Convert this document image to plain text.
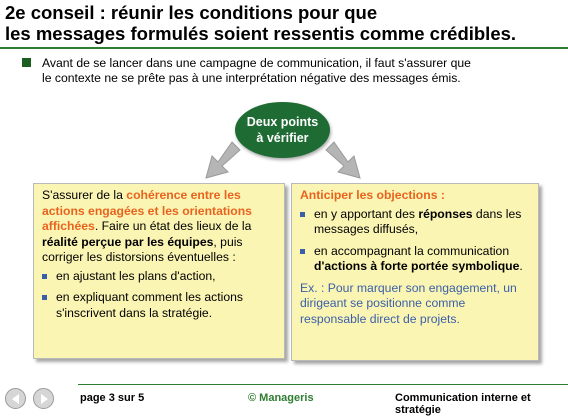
2e conseil : réunir les conditions pour que
les messages formulés soient ressentis comme crédibles.
Avant de se lancer dans une campagne de communication, il faut s'assurer que
le contexte ne se prête pas à une interprétation négative des messages émis.
Deux points
à vérifier
S'assurer de la cohérence entre les actions engagées et les orientations affichées. Faire un état des lieux de la réalité perçue par les équipes, puis corriger les distorsions éventuelles :
en ajustant les plans d'action,
en expliquant comment les actions s'inscrivent dans la stratégie.
Anticiper les objections :
en y apportant des réponses dans les messages diffusés,
en accompagnant la communication d'actions à forte portée symbolique.
Ex. : Pour marquer son engagement, un dirigeant se positionne comme responsable direct de projets.
page 3 sur 5	© Manageris	Communication interne et stratégie
